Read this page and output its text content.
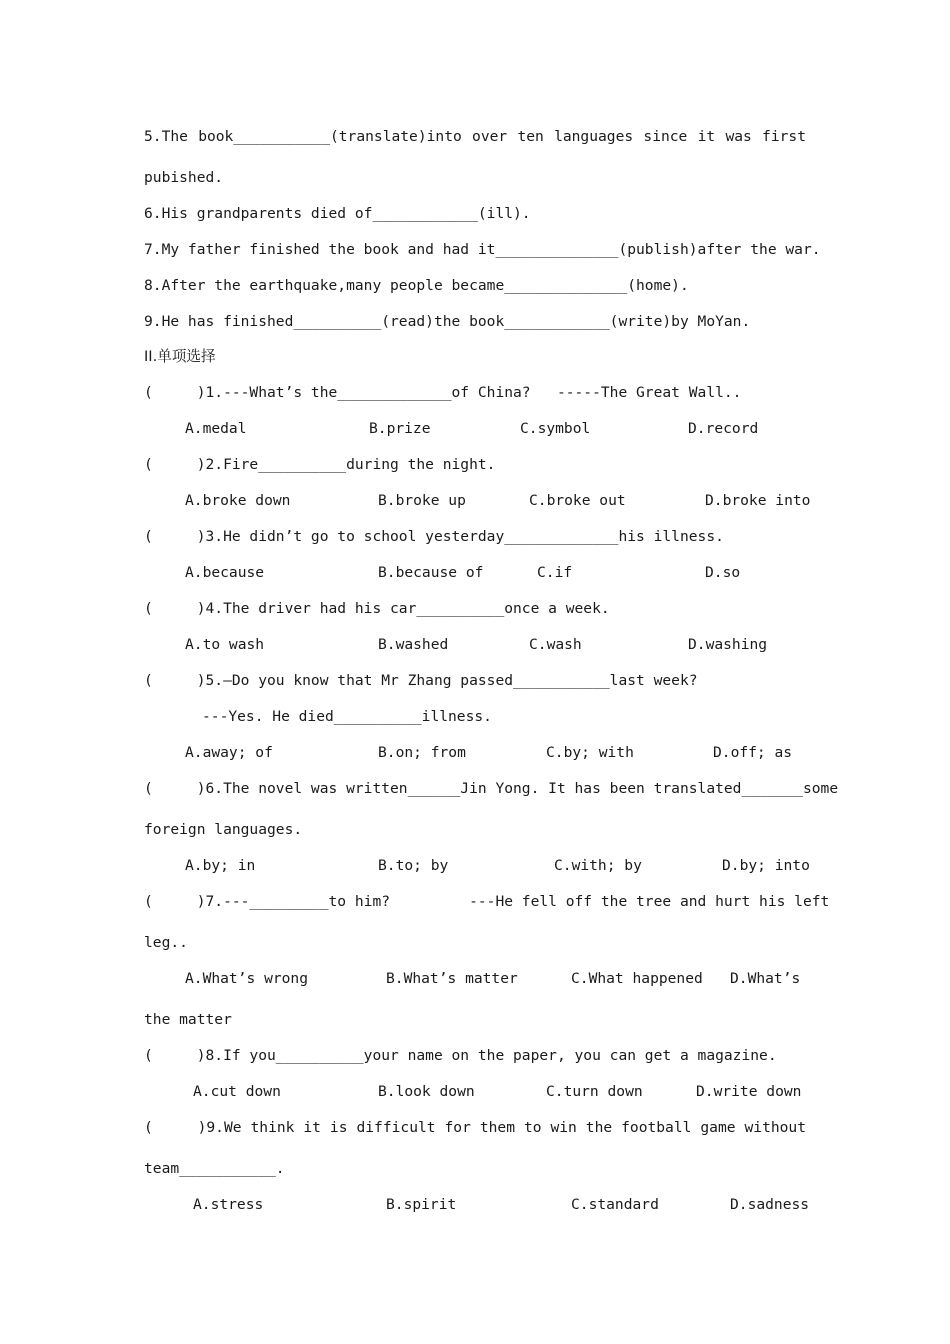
5.The book___________(translate)into over ten languages since it was first
pubished.
6.His grandparents died of____________(ill).
7.My father finished the book and had it______________(publish)after the war.
8.After the earthquake,many people became______________(home).
9.He has finished__________(read)the book____________(write)by MoYan.
II.单项选择
(     )1.---What’s the_____________of China?   -----The Great Wall..
A.medal	B.prize	C.symbol	D.record
(     )2.Fire__________during the night.
A.broke down	B.broke up	C.broke out	D.broke into
(     )3.He didn’t go to school yesterday_____________his illness.
A.because	B.because of	C.if	D.so
(     )4.The driver had his car__________once a week.
A.to wash	B.washed	C.wash	D.washing
(     )5.—Do you know that Mr Zhang passed___________last week?
---Yes. He died__________illness.
A.away; of	B.on; from	C.by; with	D.off; as
(     )6.The novel was written______Jin Yong. It has been translated_______some
foreign languages.
A.by; in	B.to; by	C.with; by	D.by; into
(     )7.---_________to him?         ---He fell off the tree and hurt his left
leg..
A.What’s wrong	B.What’s matter	C.What happened D.What’s
the matter
(     )8.If you__________your name on the paper, you can get a magazine.
A.cut down	B.look down	C.turn down	D.write down
(     )9.We think it is difficult for them to win the football game without
team___________.
A.stress	B.spirit	C.standard	D.sadness
